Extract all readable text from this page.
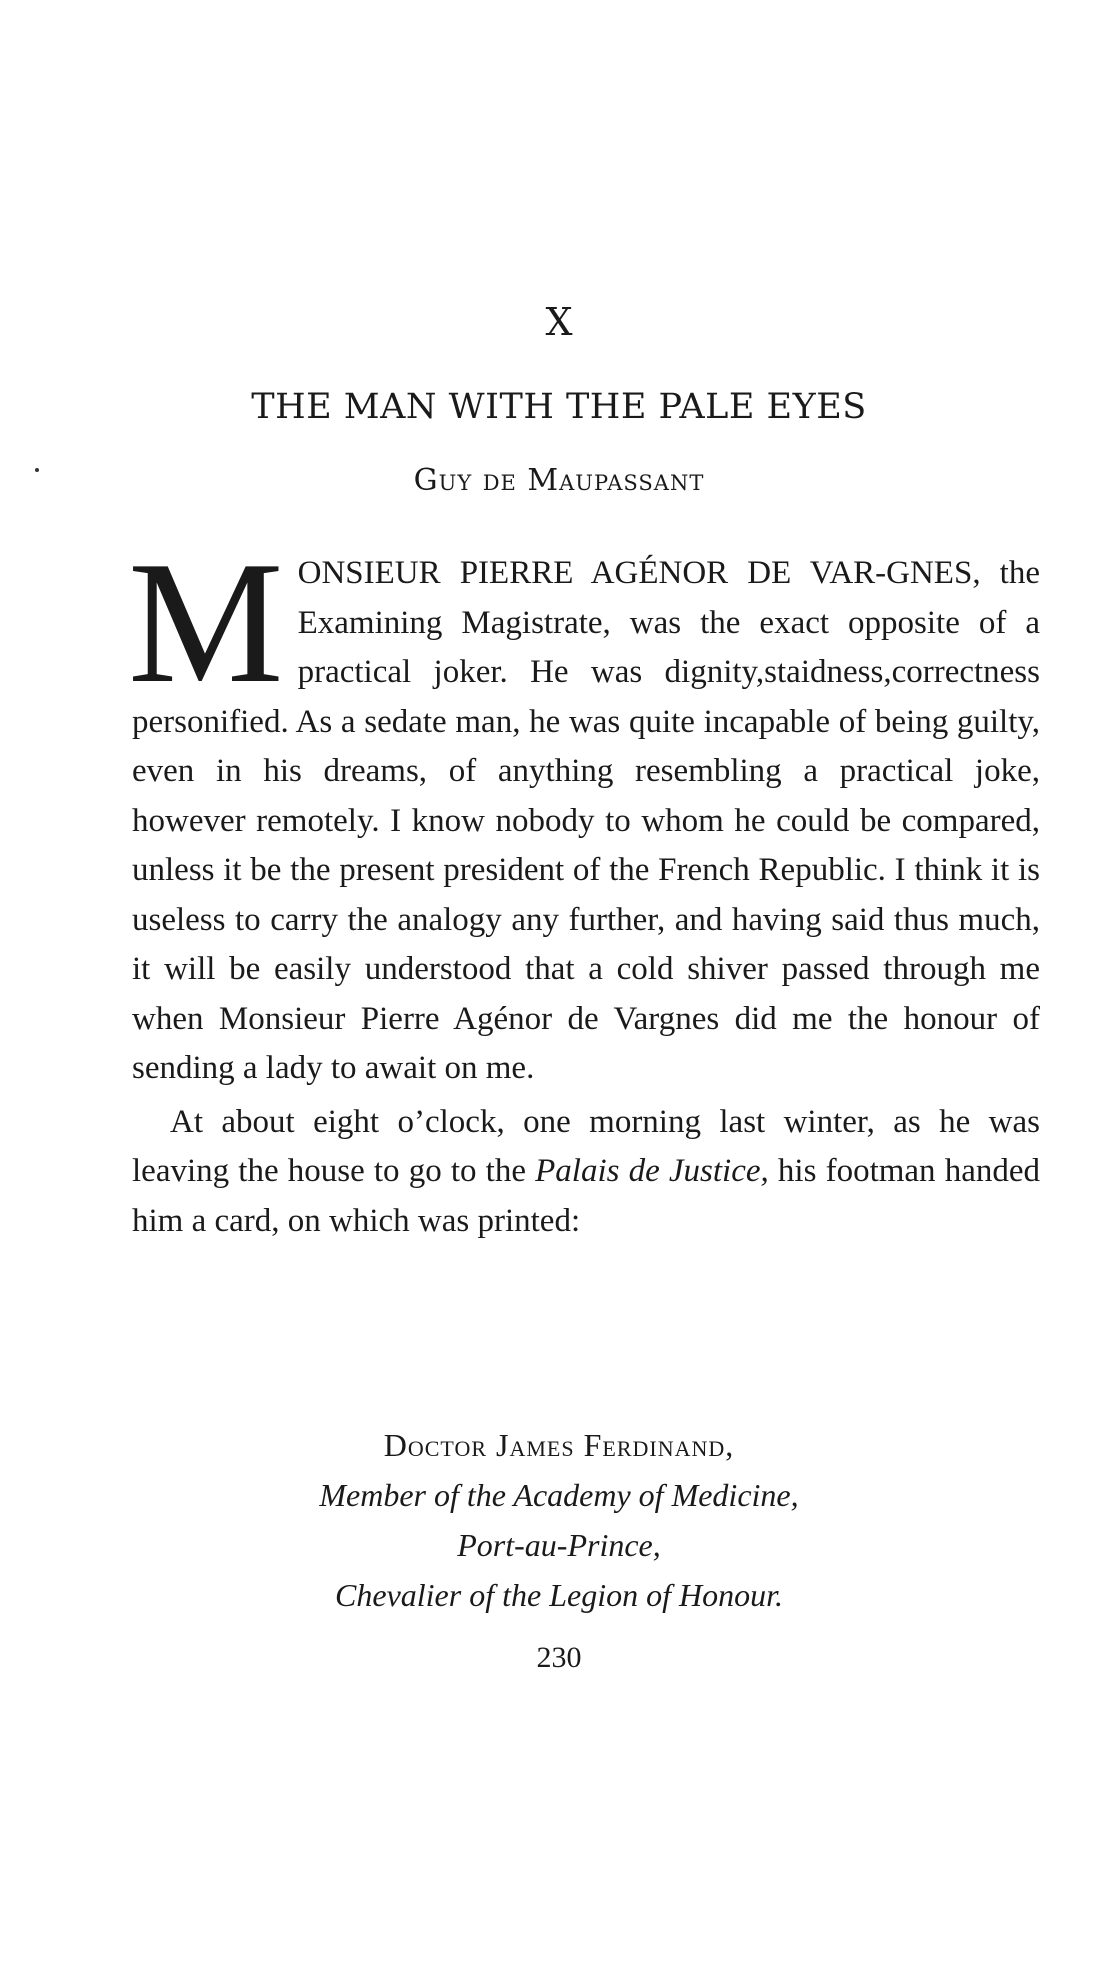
X
THE MAN WITH THE PALE EYES
Guy de Maupassant

MONSIEUR PIERRE AGÉNOR DE VAR-GNES, the Examining Magistrate, was the exact opposite of a practical joker. He was dignity,staidness,correctness personified. As a sedate man, he was quite incapable of being guilty, even in his dreams, of anything resembling a practical joke, however remotely. I know nobody to whom he could be compared, unless it be the present president of the French Republic. I think it is useless to carry the analogy any further, and having said thus much, it will be easily understood that a cold shiver passed through me when Monsieur Pierre Agénor de Vargnes did me the honour of sending a lady to await on me.

At about eight o’clock, one morning last winter, as he was leaving the house to go to the Palais de Justice, his footman handed him a card, on which was printed:

Doctor James Ferdinand,
Member of the Academy of Medicine,
Port-au-Prince,
Chevalier of the Legion of Honour.
230
